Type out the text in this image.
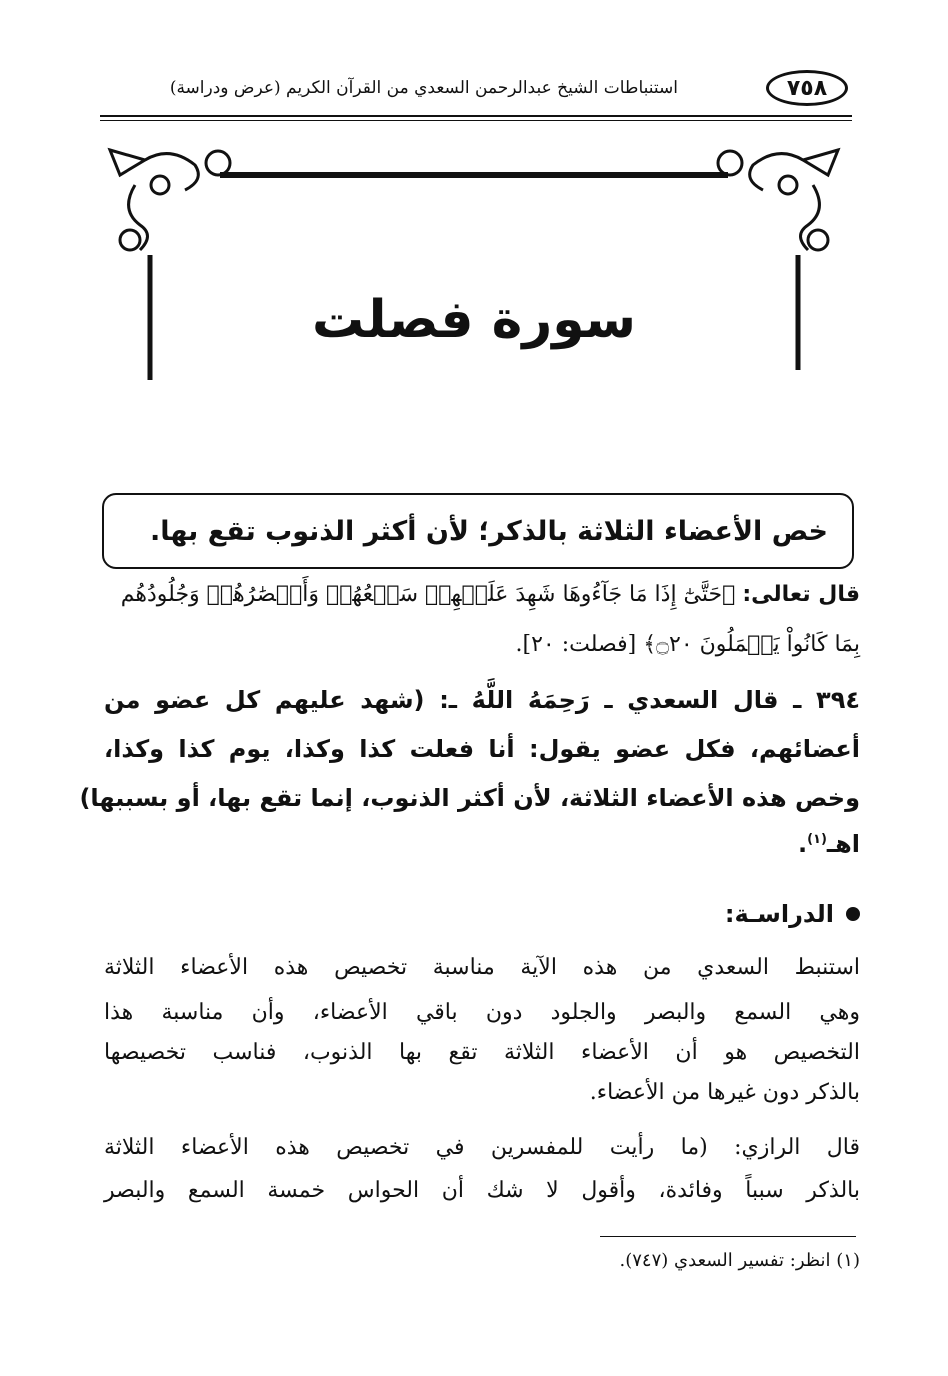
٧٥٨
استنباطات الشيخ عبدالرحمن السعدي من القرآن الكريم (عرض ودراسة)
سورة فصلت
خص الأعضاء الثلاثة بالذكر؛ لأن أكثر الذنوب تقع بها.
قال تعالى: ﴿حَتَّىٰٓ إِذَا مَا جَآءُوهَا شَهِدَ عَلَيۡهِمۡ سَمۡعُهُمۡ وَأَبۡصَٰرُهُمۡ وَجُلُودُهُم
بِمَا كَانُواْ يَعۡمَلُونَ ۝٢٠﴾ [فصلت: ٢٠].
٣٩٤ ـ قال السعدي ـ رَحِمَهُ اللَّهُ ـ: (شهد عليهم كل عضو من
أعضائهم، فكل عضو يقول: أنا فعلت كذا وكذا، يوم كذا وكذا،
وخص هذه الأعضاء الثلاثة، لأن أكثر الذنوب، إنما تقع بها، أو بسببها)
اهـ$^{(١)}$.
الدراسـة:
استنبط السعدي من هذه الآية مناسبة تخصيص هذه الأعضاء الثلاثة
وهي السمع والبصر والجلود دون باقي الأعضاء، وأن مناسبة هذا
التخصيص هو أن الأعضاء الثلاثة تقع بها الذنوب، فناسب تخصيصها
بالذكر دون غيرها من الأعضاء.
قال الرازي: (ما رأيت للمفسرين في تخصيص هذه الأعضاء الثلاثة
بالذكر سبباً وفائدة، وأقول لا شك أن الحواس خمسة السمع والبصر
(١) انظر: تفسير السعدي (٧٤٧).
